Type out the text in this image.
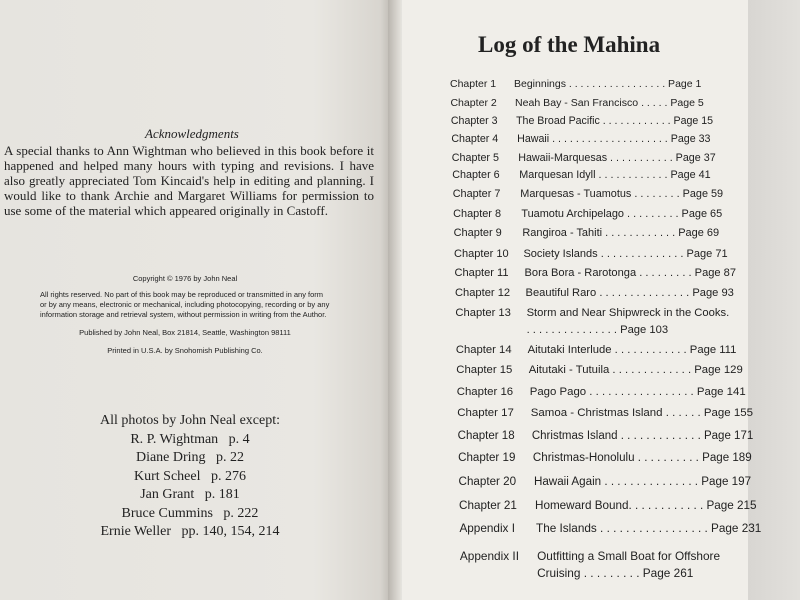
Acknowledgments
A special thanks to Ann Wightman who believed in this book before it happened and helped many hours with typing and revisions. I have also greatly appreciated Tom Kincaid's help in editing and planning. I would like to thank Archie and Margaret Williams for permission to use some of the material which appeared originally in Castoff.
Copyright © 1976 by John Neal
All rights reserved. No part of this book may be reproduced or transmitted in any form or by any means, electronic or mechanical, including photocopying, recording or by any information storage and retrieval system, without permission in writing from the Author.
Published by John Neal, Box 21814, Seattle, Washington 98111
Printed in U.S.A. by Snohomish Publishing Co.
All photos by John Neal except:
R. P. Wightman   p. 4
Diane Dring   p. 22
Kurt Scheel   p. 276
Jan Grant   p. 181
Bruce Cummins   p. 222
Ernie Weller   pp. 140, 154, 214
Log of the Mahina
Chapter 1	Beginnings . . . . . . . . . . . . . . . . . Page 1
Chapter 2	Neah Bay - San Francisco . . . . . Page 5
Chapter 3	The Broad Pacific . . . . . . . . . . . . Page 15
Chapter 4	Hawaii . . . . . . . . . . . . . . . . . . . . Page 33
Chapter 5	Hawaii-Marquesas . . . . . . . . . . . Page 37
Chapter 6	Marquesan Idyll . . . . . . . . . . . . Page 41
Chapter 7	Marquesas - Tuamotus . . . . . . . . Page 59
Chapter 8	Tuamotu Archipelago . . . . . . . . . Page 65
Chapter 9	Rangiroa - Tahiti . . . . . . . . . . . . Page 69
Chapter 10	Society Islands . . . . . . . . . . . . . . Page 71
Chapter 11	Bora Bora - Rarotonga . . . . . . . . . Page 87
Chapter 12	Beautiful Raro . . . . . . . . . . . . . . . Page 93
Chapter 13	Storm and Near Shipwreck in the Cooks. . . . . . . . . . . . . . . . Page 103
Chapter 14	Aitutaki Interlude . . . . . . . . . . . . Page 111
Chapter 15	Aitutaki - Tutuila . . . . . . . . . . . . . Page 129
Chapter 16	Pago Pago . . . . . . . . . . . . . . . . . Page 141
Chapter 17	Samoa - Christmas Island . . . . . . Page 155
Chapter 18	Christmas Island . . . . . . . . . . . . . Page 171
Chapter 19	Christmas-Honolulu . . . . . . . . . . Page 189
Chapter 20	Hawaii Again . . . . . . . . . . . . . . . Page 197
Chapter 21	Homeward Bound. . . . . . . . . . . . Page 215
Appendix I	The Islands . . . . . . . . . . . . . . . . . Page 231
Appendix II	Outfitting a Small Boat for Offshore Cruising . . . . . . . . . Page 261
